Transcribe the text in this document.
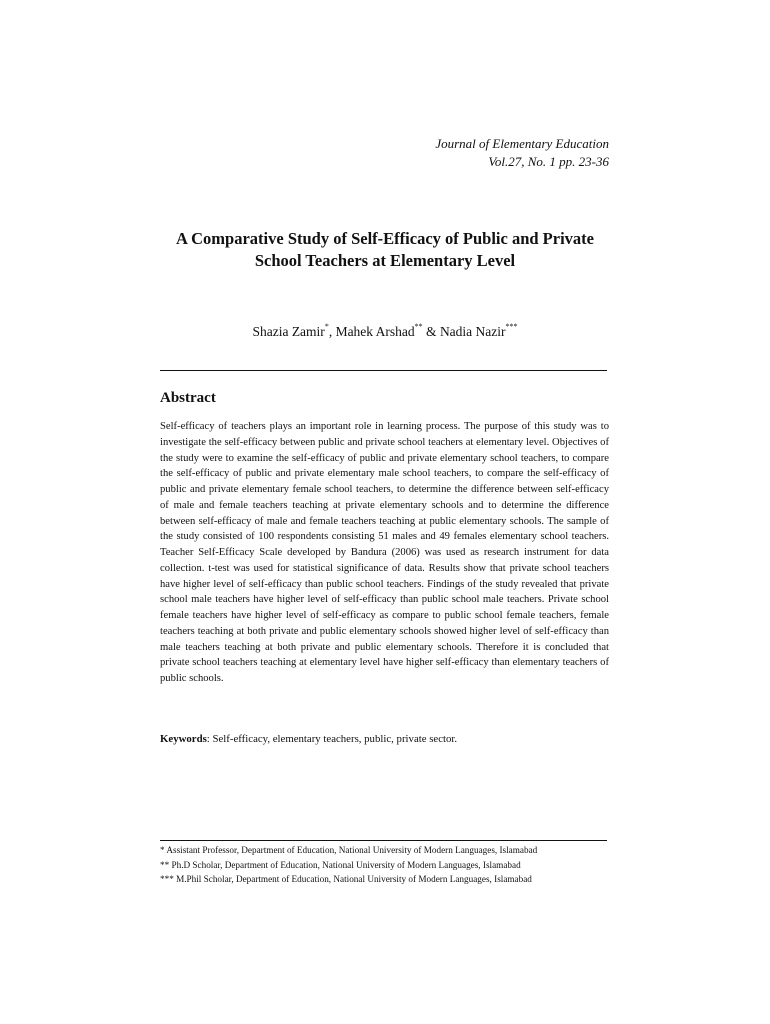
Journal of Elementary Education
Vol.27, No. 1 pp. 23-36
A Comparative Study of Self-Efficacy of Public and Private
School Teachers at Elementary Level
Shazia Zamir*, Mahek Arshad** & Nadia Nazir***
Abstract

Self-efficacy of teachers plays an important role in learning process. The purpose of this study was to investigate the self-efficacy between public and private school teachers at elementary level. Objectives of the study were to examine the self-efficacy of public and private elementary school teachers, to compare the self-efficacy of public and private elementary male school teachers, to compare the self-efficacy of public and private elementary female school teachers, to determine the difference between self-efficacy of male and female teachers teaching at private elementary schools and to determine the difference between self-efficacy of male and female teachers teaching at public elementary schools. The sample of the study consisted of 100 respondents consisting 51 males and 49 females elementary school teachers. Teacher Self-Efficacy Scale developed by Bandura (2006) was used as research instrument for data collection. t-test was used for statistical significance of data. Results show that private school teachers have higher level of self-efficacy than public school teachers. Findings of the study revealed that private school male teachers have higher level of self-efficacy than public school male teachers. Private school female teachers have higher level of self-efficacy as compare to public school female teachers, female teachers teaching at both private and public elementary schools showed higher level of self-efficacy than male teachers teaching at both private and public elementary schools. Therefore it is concluded that private school teachers teaching at elementary level have higher self-efficacy than elementary teachers of public schools.

Keywords: Self-efficacy, elementary teachers, public, private sector.
* Assistant Professor, Department of Education, National University of Modern Languages, Islamabad
** Ph.D Scholar, Department of Education, National University of Modern Languages, Islamabad
*** M.Phil Scholar, Department of Education, National University of Modern Languages, Islamabad
